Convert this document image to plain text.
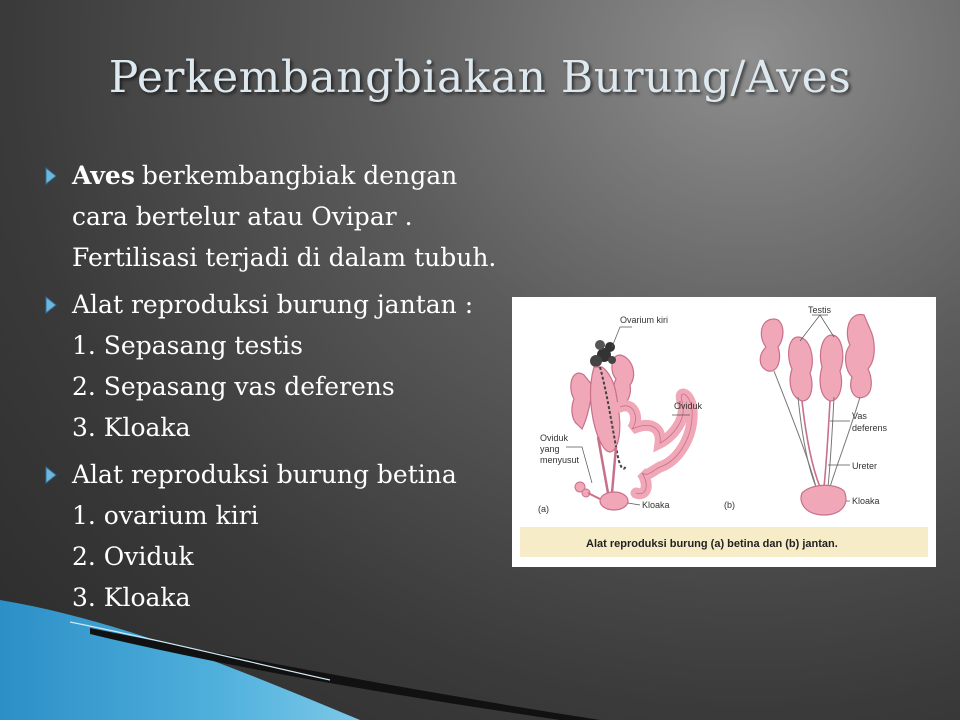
Perkembangbiakan Burung/Aves
Aves berkembangbiak dengan
cara bertelur atau Ovipar .
Fertilisasi terjadi di dalam tubuh.
Alat reproduksi burung jantan :
1. Sepasang testis
2. Sepasang vas deferens
3. Kloaka
Alat reproduksi burung betina
1. ovarium kiri
2. Oviduk
3. Kloaka
Ovarium kiri
Oviduk
Oviduk
yang
menyusut
Kloaka
(a)
Testis
Vas
deferens
Ureter
Kloaka
(b)
Alat reproduksi burung (a) betina dan (b) jantan.
